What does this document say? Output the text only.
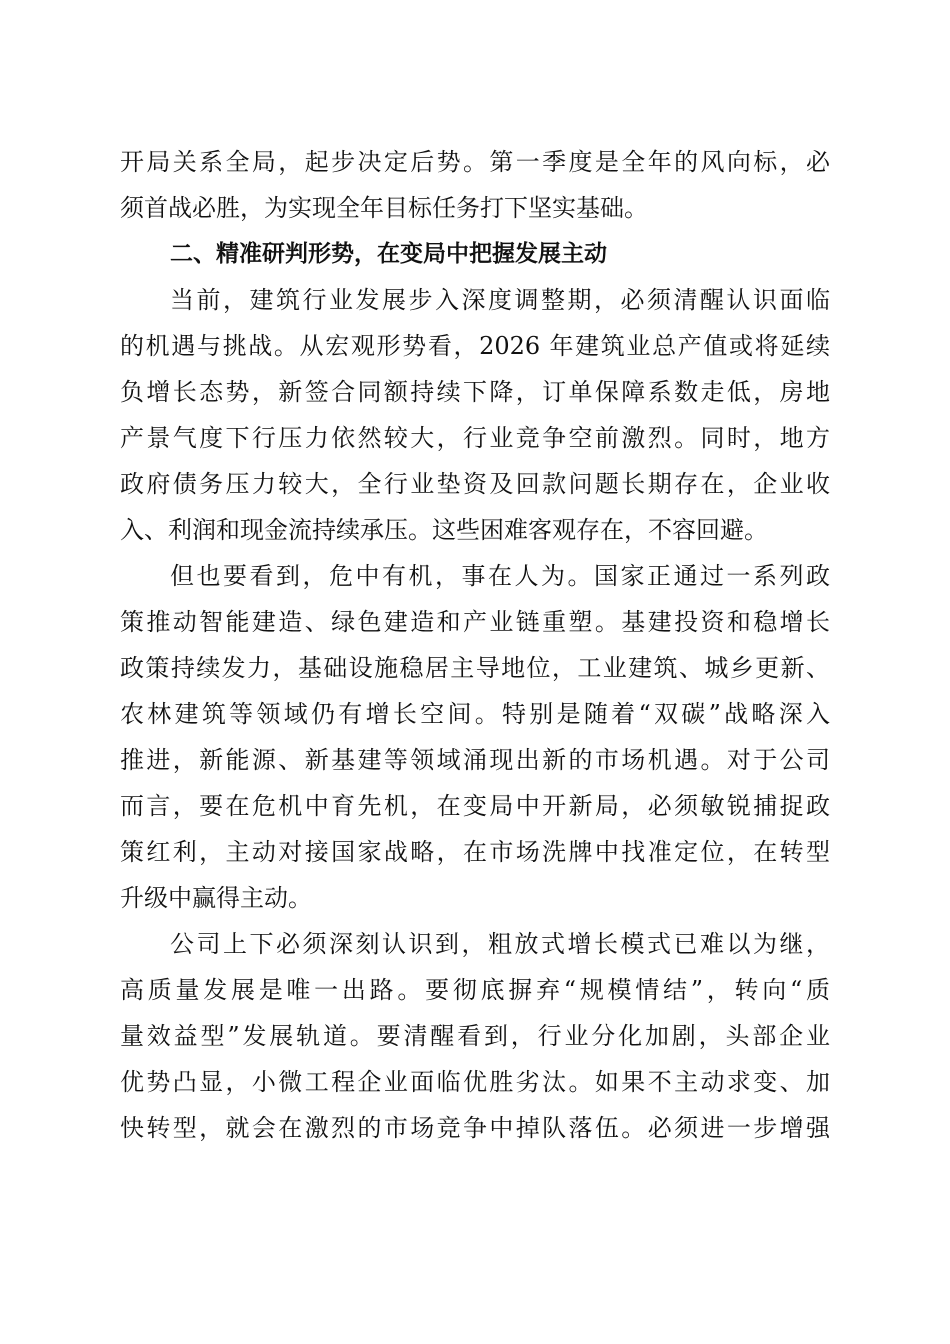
开局关系全局，起步决定后势。第一季度是全年的风向标，必
须首战必胜，为实现全年目标任务打下坚实基础。
二、精准研判形势，在变局中把握发展主动
当前，建筑行业发展步入深度调整期，必须清醒认识面临
的机遇与挑战。从宏观形势看，2026 年建筑业总产值或将延续
负增长态势，新签合同额持续下降，订单保障系数走低，房地
产景气度下行压力依然较大，行业竞争空前激烈。同时，地方
政府债务压力较大，全行业垫资及回款问题长期存在，企业收
入、利润和现金流持续承压。这些困难客观存在，不容回避。
但也要看到，危中有机，事在人为。国家正通过一系列政
策推动智能建造、绿色建造和产业链重塑。基建投资和稳增长
政策持续发力，基础设施稳居主导地位，工业建筑、城乡更新、
农林建筑等领域仍有增长空间。特别是随着“双碳”战略深入
推进，新能源、新基建等领域涌现出新的市场机遇。对于公司
而言，要在危机中育先机，在变局中开新局，必须敏锐捕捉政
策红利，主动对接国家战略，在市场洗牌中找准定位，在转型
升级中赢得主动。
公司上下必须深刻认识到，粗放式增长模式已难以为继，
高质量发展是唯一出路。要彻底摒弃“规模情结”，转向“质
量效益型”发展轨道。要清醒看到，行业分化加剧，头部企业
优势凸显，小微工程企业面临优胜劣汰。如果不主动求变、加
快转型，就会在激烈的市场竞争中掉队落伍。必须进一步增强
